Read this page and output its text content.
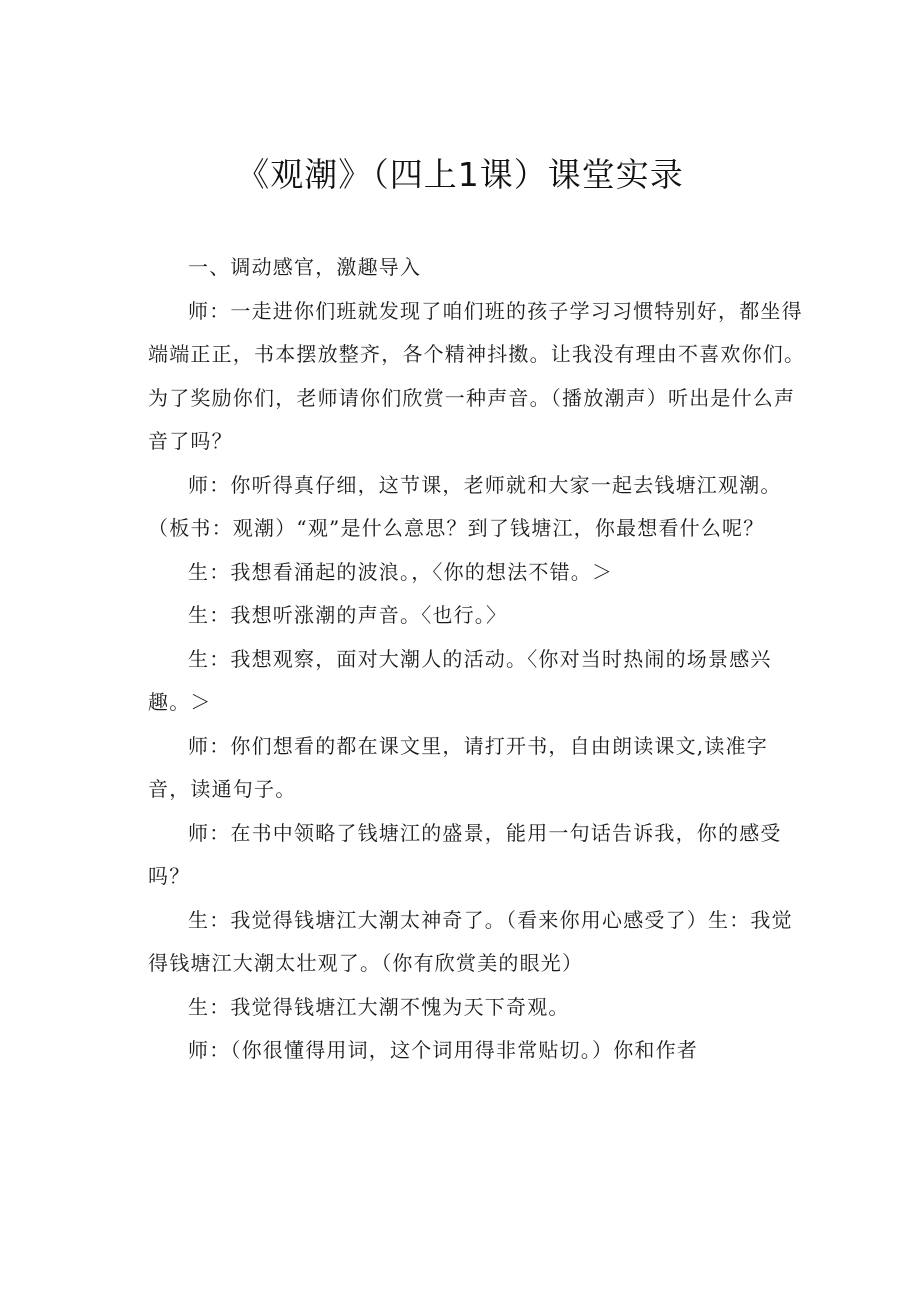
《观潮》（四上1课）课堂实录

一、调动感官，激趣导入

师：一走进你们班就发现了咱们班的孩子学习习惯特别好，都坐得端端正正，书本摆放整齐，各个精神抖擞。让我没有理由不喜欢你们。为了奖励你们，老师请你们欣赏一种声音。（播放潮声）听出是什么声音了吗？

师：你听得真仔细，这节课，老师就和大家一起去钱塘江观潮。（板书：观潮）“观”是什么意思？到了钱塘江，你最想看什么呢？

生：我想看涌起的波浪。，〈你的想法不错。＞

生：我想听涨潮的声音。〈也行。〉

生：我想观察，面对大潮人的活动。〈你对当时热闹的场景感兴趣。＞

师：你们想看的都在课文里，请打开书，自由朗读课文,读准字音，读通句子。

师：在书中领略了钱塘江的盛景，能用一句话告诉我，你的感受吗？

生：我觉得钱塘江大潮太神奇了。（看来你用心感受了）生：我觉得钱塘江大潮太壮观了。（你有欣赏美的眼光）

生：我觉得钱塘江大潮不愧为天下奇观。

师：（你很懂得用词，这个词用得非常贴切。）你和作者
